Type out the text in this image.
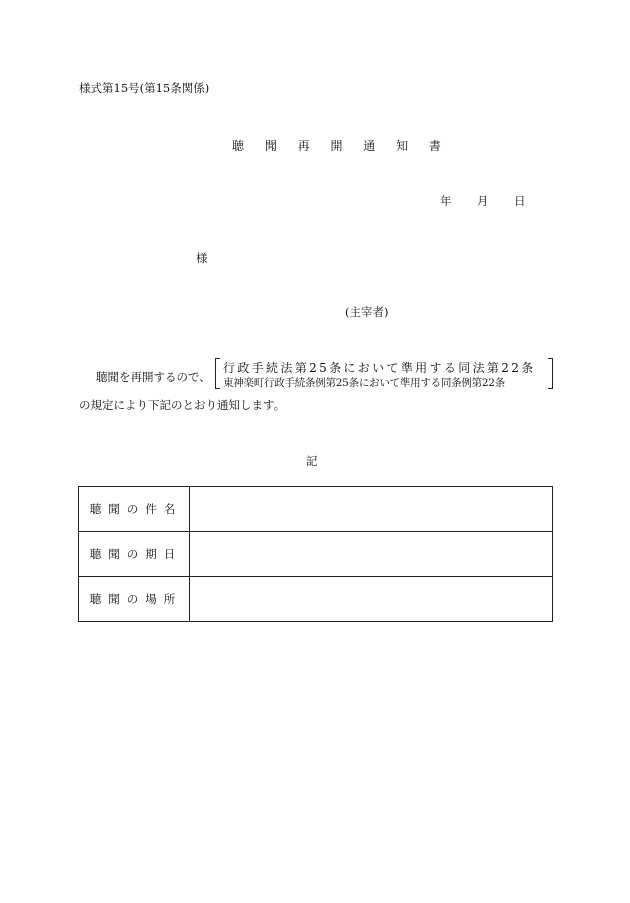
様式第15号(第15条関係)
聴 聞 再 開 通 知 書
年	月	日
様
(主宰者)
聴聞を再開するので、
行政手続法第25条において準用する同法第22条
東神楽町行政手続条例第25条において準用する同条例第22条
の規定により下記のとおり通知します。
記
聴聞の件名	
聴聞の期日	
聴聞の場所	
